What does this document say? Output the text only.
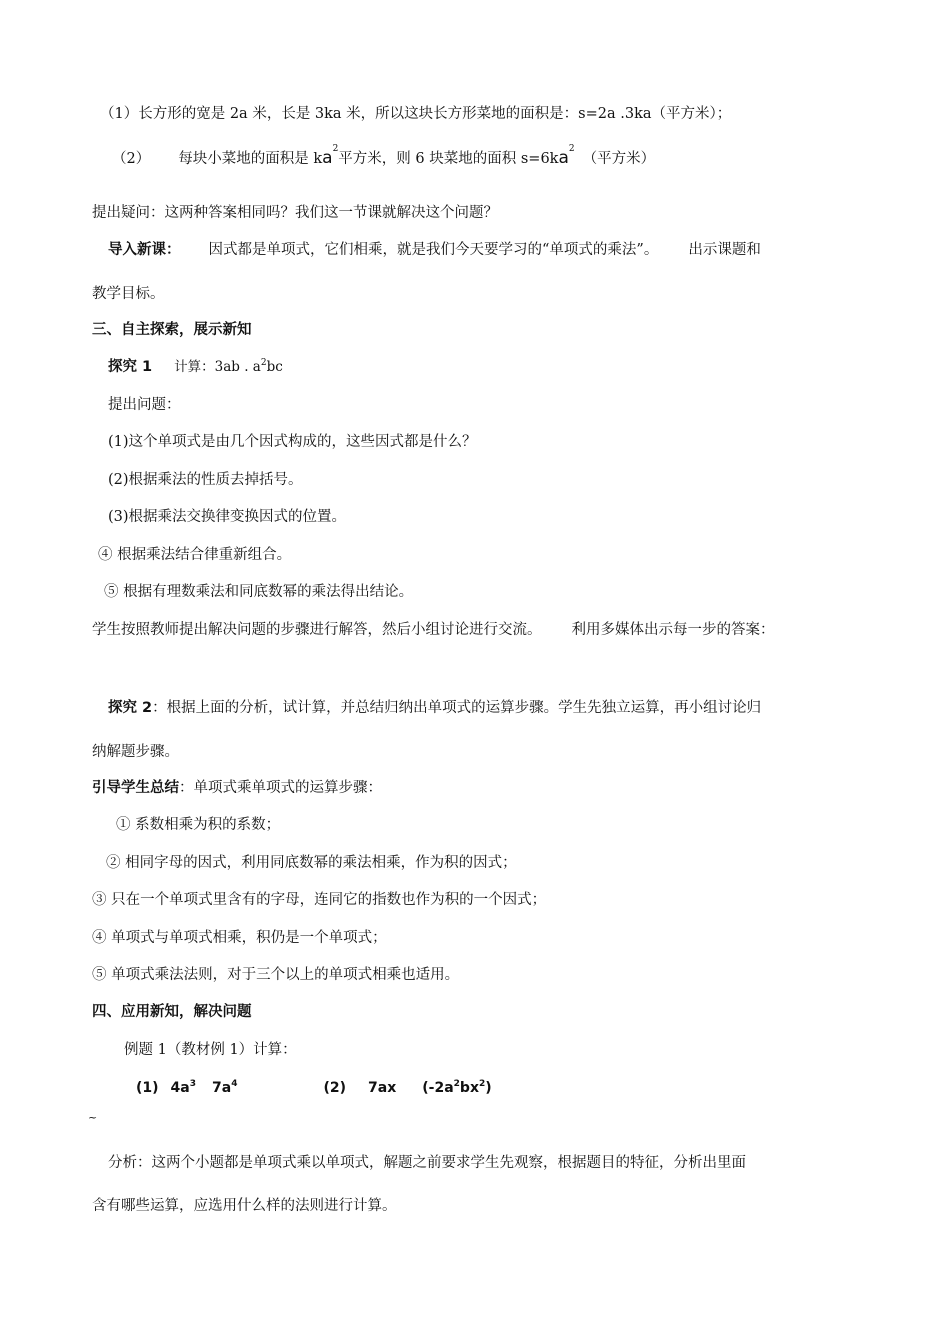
（1）长方形的宽是 2a 米，长是 3ka 米，所以这块长方形菜地的面积是：s=2a .3ka（平方米）；
（2） 每块小菜地的面积是 $ka^2$平方米，则 6 块菜地的面积 $s=6ka^2$（平方米）
提出疑问：这两种答案相同吗？我们这一节课就解决这个问题？
导入新课： 因式都是单项式，它们相乘，就是我们今天要学习的“单项式的乘法”。 出示课题和
教学目标。
三、自主探索，展示新知
探究 1 计算：3ab . $a^2bc$
提出问题：
(1)这个单项式是由几个因式构成的，这些因式都是什么？
(2)根据乘法的性质去掉括号。
(3)根据乘法交换律变换因式的位置。
④ 根据乘法结合律重新组合。
⑤ 根据有理数乘法和同底数幂的乘法得出结论。
学生按照教师提出解决问题的步骤进行解答，然后小组讨论进行交流。 利用多媒体出示每一步的答案：
探究 2：根据上面的分析，试计算，并总结归纳出单项式的运算步骤。学生先独立运算，再小组讨论归
纳解题步骤。
引导学生总结：单项式乘单项式的运算步骤：
① 系数相乘为积的系数；
② 相同字母的因式，利用同底数幂的乘法相乘，作为积的因式；
③ 只在一个单项式里含有的字母，连同它的指数也作为积的一个因式；
④ 单项式与单项式相乘，积仍是一个单项式；
⑤ 单项式乘法法则，对于三个以上的单项式相乘也适用。
四、应用新知，解决问题
例题 1（教材例 1）计算：
(1) $4a^3$ $7a^4$	(2) 7ax $(-2a^2bx^2)$
~
分析：这两个小题都是单项式乘以单项式，解题之前要求学生先观察，根据题目的特征，分析出里面
含有哪些运算，应选用什么样的法则进行计算。
